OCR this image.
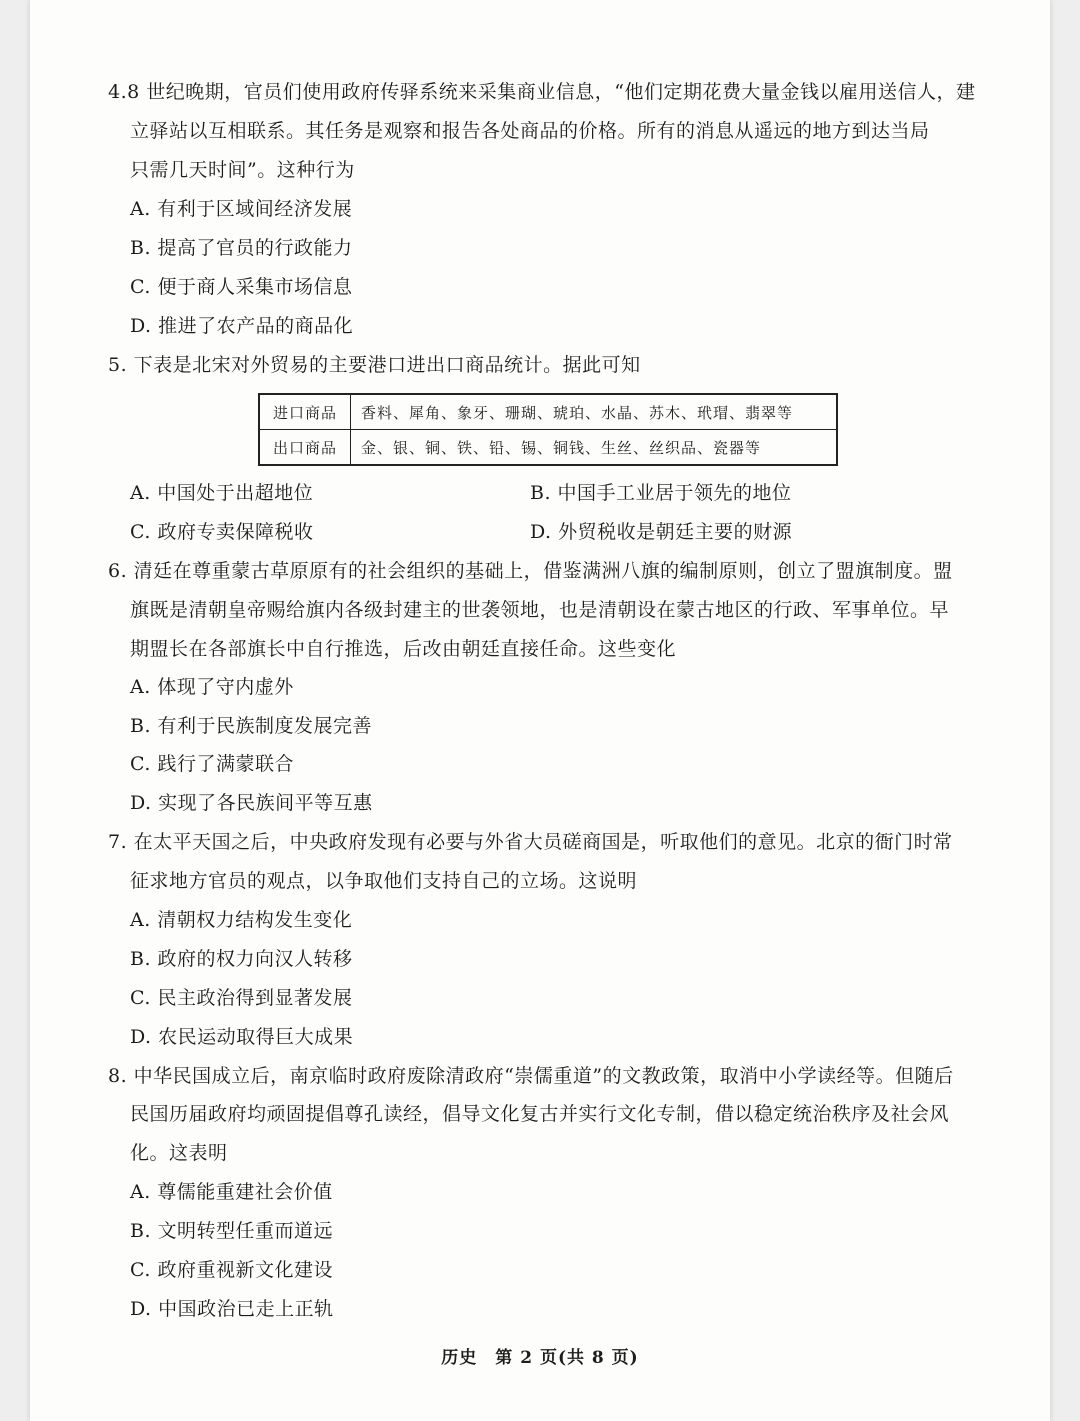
4.8 世纪晚期，官员们使用政府传驿系统来采集商业信息，“他们定期花费大量金钱以雇用送信人，建
立驿站以互相联系。其任务是观察和报告各处商品的价格。所有的消息从遥远的地方到达当局
只需几天时间”。这种行为
A. 有利于区域间经济发展
B. 提高了官员的行政能力
C. 便于商人采集市场信息
D. 推进了农产品的商品化
5. 下表是北宋对外贸易的主要港口进出口商品统计。据此可知
进口商品	香料、犀角、象牙、珊瑚、琥珀、水晶、苏木、玳瑁、翡翠等
出口商品	金、银、铜、铁、铅、锡、铜钱、生丝、丝织品、瓷器等
A. 中国处于出超地位	B. 中国手工业居于领先的地位
C. 政府专卖保障税收	D. 外贸税收是朝廷主要的财源
6. 清廷在尊重蒙古草原原有的社会组织的基础上，借鉴满洲八旗的编制原则，创立了盟旗制度。盟
旗既是清朝皇帝赐给旗内各级封建主的世袭领地，也是清朝设在蒙古地区的行政、军事单位。早
期盟长在各部旗长中自行推选，后改由朝廷直接任命。这些变化
A. 体现了守内虚外
B. 有利于民族制度发展完善
C. 践行了满蒙联合
D. 实现了各民族间平等互惠
7. 在太平天国之后，中央政府发现有必要与外省大员磋商国是，听取他们的意见。北京的衙门时常
征求地方官员的观点，以争取他们支持自己的立场。这说明
A. 清朝权力结构发生变化
B. 政府的权力向汉人转移
C. 民主政治得到显著发展
D. 农民运动取得巨大成果
8. 中华民国成立后，南京临时政府废除清政府“崇儒重道”的文教政策，取消中小学读经等。但随后
民国历届政府均顽固提倡尊孔读经，倡导文化复古并实行文化专制，借以稳定统治秩序及社会风
化。这表明
A. 尊儒能重建社会价值
B. 文明转型任重而道远
C. 政府重视新文化建设
D. 中国政治已走上正轨
历史　第 2 页(共 8 页)
